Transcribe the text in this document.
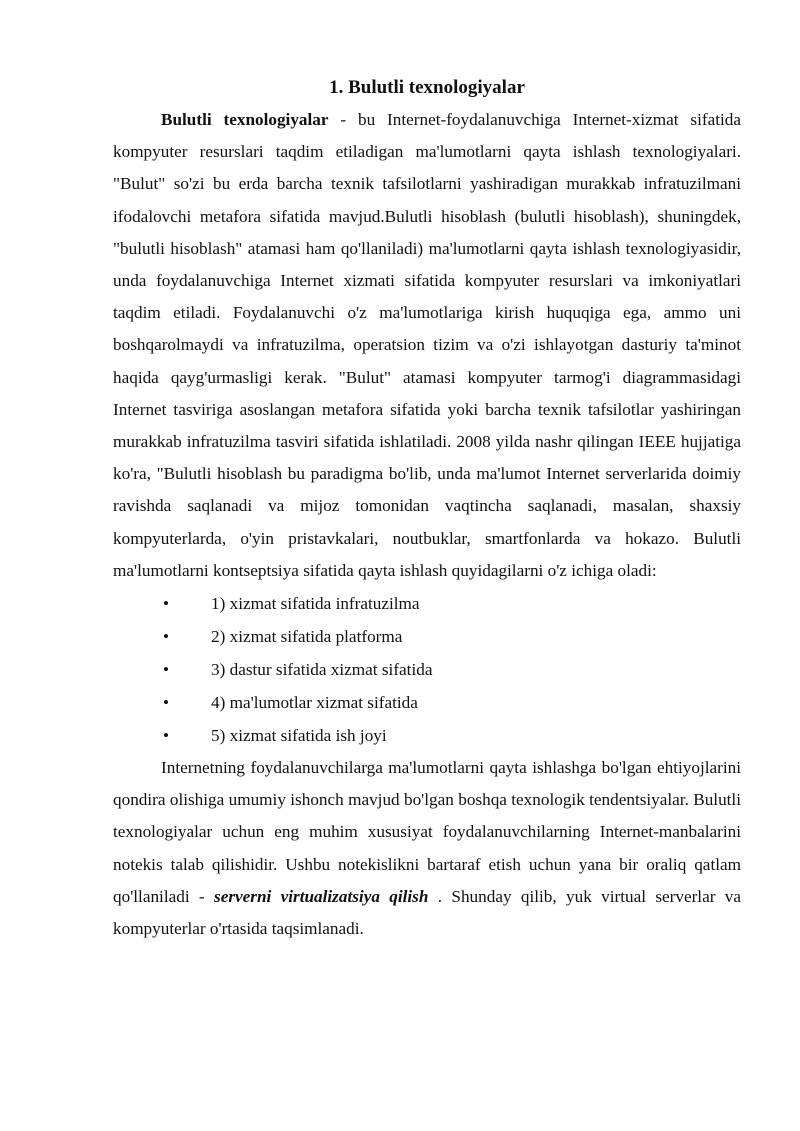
1. Bulutli texnologiyalar

Bulutli texnologiyalar - bu Internet-foydalanuvchiga Internet-xizmat sifatida kompyuter resurslari taqdim etiladigan ma'lumotlarni qayta ishlash texnologiyalari. "Bulut" so'zi bu erda barcha texnik tafsilotlarni yashiradigan murakkab infratuzilmani ifodalovchi metafora sifatida mavjud.Bulutli hisoblash (bulutli hisoblash), shuningdek, "bulutli hisoblash" atamasi ham qo'llaniladi) ma'lumotlarni qayta ishlash texnologiyasidir, unda foydalanuvchiga Internet xizmati sifatida kompyuter resurslari va imkoniyatlari taqdim etiladi. Foydalanuvchi o'z ma'lumotlariga kirish huquqiga ega, ammo uni boshqarolmaydi va infratuzilma, operatsion tizim va o'zi ishlayotgan dasturiy ta'minot haqida qayg'urmasligi kerak. "Bulut" atamasi kompyuter tarmog'i diagrammasidagi Internet tasviriga asoslangan metafora sifatida yoki barcha texnik tafsilotlar yashiringan murakkab infratuzilma tasviri sifatida ishlatiladi. 2008 yilda nashr qilingan IEEE hujjatiga ko'ra, "Bulutli hisoblash bu paradigma bo'lib, unda ma'lumot Internet serverlarida doimiy ravishda saqlanadi va mijoz tomonidan vaqtincha saqlanadi, masalan, shaxsiy kompyuterlarda, o'yin pristavkalari, noutbuklar, smartfonlarda va hokazo. Bulutli ma'lumotlarni kontseptsiya sifatida qayta ishlash quyidagilarni o'z ichiga oladi:

• 1) xizmat sifatida infratuzilma
• 2) xizmat sifatida platforma
• 3) dastur sifatida xizmat sifatida
• 4) ma'lumotlar xizmat sifatida
• 5) xizmat sifatida ish joyi

Internetning foydalanuvchilarga ma'lumotlarni qayta ishlashga bo'lgan ehtiyojlarini qondira olishiga umumiy ishonch mavjud bo'lgan boshqa texnologik tendentsiyalar. Bulutli texnologiyalar uchun eng muhim xususiyat foydalanuvchilarning Internet-manbalarini notekis talab qilishidir. Ushbu notekislikni bartaraf etish uchun yana bir oraliq qatlam qo'llaniladi - serverni virtualizatsiya qilish . Shunday qilib, yuk virtual serverlar va kompyuterlar o'rtasida taqsimlanadi.
